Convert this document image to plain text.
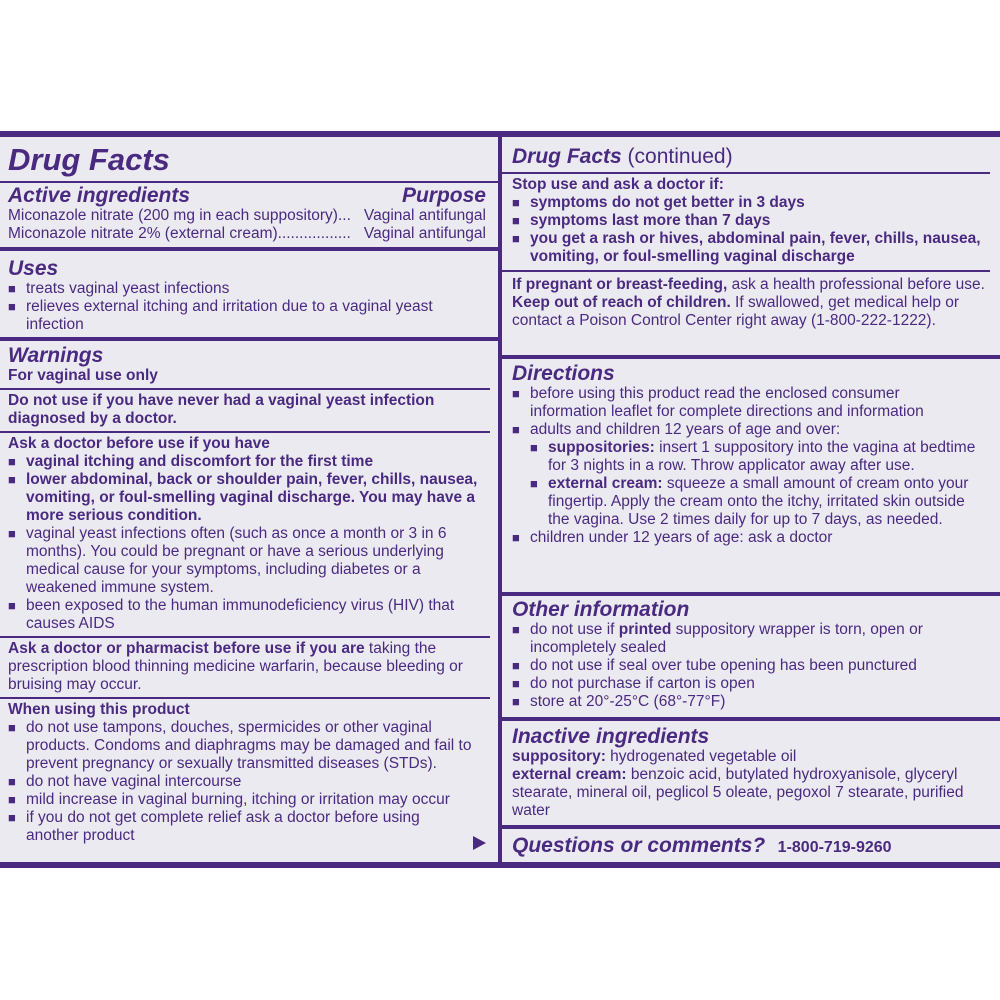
Drug Facts
Active ingredients	Purpose
Miconazole nitrate (200 mg in each suppository)... Vaginal antifungal
Miconazole nitrate 2% (external cream)................. Vaginal antifungal
Uses
■ treats vaginal yeast infections
■ relieves external itching and irritation due to a vaginal yeast infection
Warnings
For vaginal use only
Do not use if you have never had a vaginal yeast infection diagnosed by a doctor.
Ask a doctor before use if you have
■ vaginal itching and discomfort for the first time
■ lower abdominal, back or shoulder pain, fever, chills, nausea, vomiting, or foul-smelling vaginal discharge. You may have a more serious condition.
■ vaginal yeast infections often (such as once a month or 3 in 6 months). You could be pregnant or have a serious underlying medical cause for your symptoms, including diabetes or a weakened immune system.
■ been exposed to the human immunodeficiency virus (HIV) that causes AIDS
Ask a doctor or pharmacist before use if you are taking the prescription blood thinning medicine warfarin, because bleeding or bruising may occur.
When using this product
■ do not use tampons, douches, spermicides or other vaginal products. Condoms and diaphragms may be damaged and fail to prevent pregnancy or sexually transmitted diseases (STDs).
■ do not have vaginal intercourse
■ mild increase in vaginal burning, itching or irritation may occur
■ if you do not get complete relief ask a doctor before using another product
Drug Facts (continued)
Stop use and ask a doctor if:
■ symptoms do not get better in 3 days
■ symptoms last more than 7 days
■ you get a rash or hives, abdominal pain, fever, chills, nausea, vomiting, or foul-smelling vaginal discharge
If pregnant or breast-feeding, ask a health professional before use.
Keep out of reach of children. If swallowed, get medical help or contact a Poison Control Center right away (1-800-222-1222).
Directions
■ before using this product read the enclosed consumer information leaflet for complete directions and information
■ adults and children 12 years of age and over:
■ suppositories: insert 1 suppository into the vagina at bedtime for 3 nights in a row. Throw applicator away after use.
■ external cream: squeeze a small amount of cream onto your fingertip. Apply the cream onto the itchy, irritated skin outside the vagina. Use 2 times daily for up to 7 days, as needed.
■ children under 12 years of age: ask a doctor
Other information
■ do not use if printed suppository wrapper is torn, open or incompletely sealed
■ do not use if seal over tube opening has been punctured
■ do not purchase if carton is open
■ store at 20°-25°C (68°-77°F)
Inactive ingredients
suppository: hydrogenated vegetable oil
external cream: benzoic acid, butylated hydroxyanisole, glyceryl stearate, mineral oil, peglicol 5 oleate, pegoxol 7 stearate, purified water
Questions or comments? 1-800-719-9260
